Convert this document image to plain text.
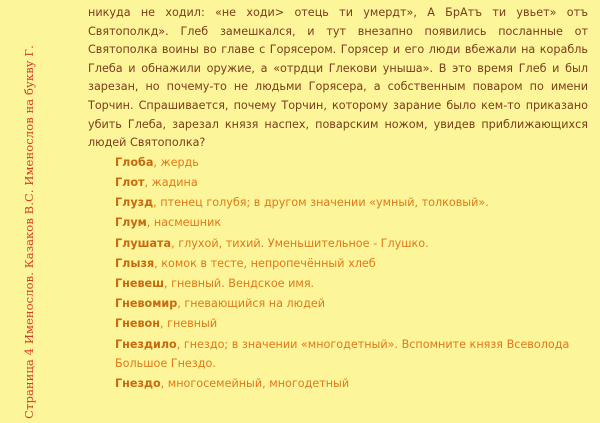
Страница 4 Именослов. Казаков В.С. Именослов на букву Г.

никуда не ходил: «не ходи> отець ти умердт», А БрАтъ ти увьет» отъ Святополкд». Глеб замешкался, и тут внезапно появились посланные от Святополка воины во главе с Горясером. Горясер и его люди вбежали на корабль Глеба и обнажили оружие, а «отрдци Глекови уныша». В это время Глеб и был зарезан, но почему-то не людьми Горясера, а собственным поваром по имени Торчин. Спрашивается, почему Торчин, которому зарание было кем-то приказано убить Глеба, зарезал князя наспех, поварским ножом, увидев приближающихся людей Святополка?

Глоба, жердь

Глот, жадина

Глузд, птенец голубя; в другом значении «умный, толковый».

Глум, насмешник

Глушата, глухой, тихий. Уменьшительное - Глушко.

Глызя, комок в тесте, непропечённый хлеб

Гневеш, гневный. Вендское имя.

Гневомир, гневающийся на людей

Гневон, гневный

Гнездило, гнездо; в значении «многодетный». Вспомните князя Всеволода Большое Гнездо.

Гнездо, многосемейный, многодетный
